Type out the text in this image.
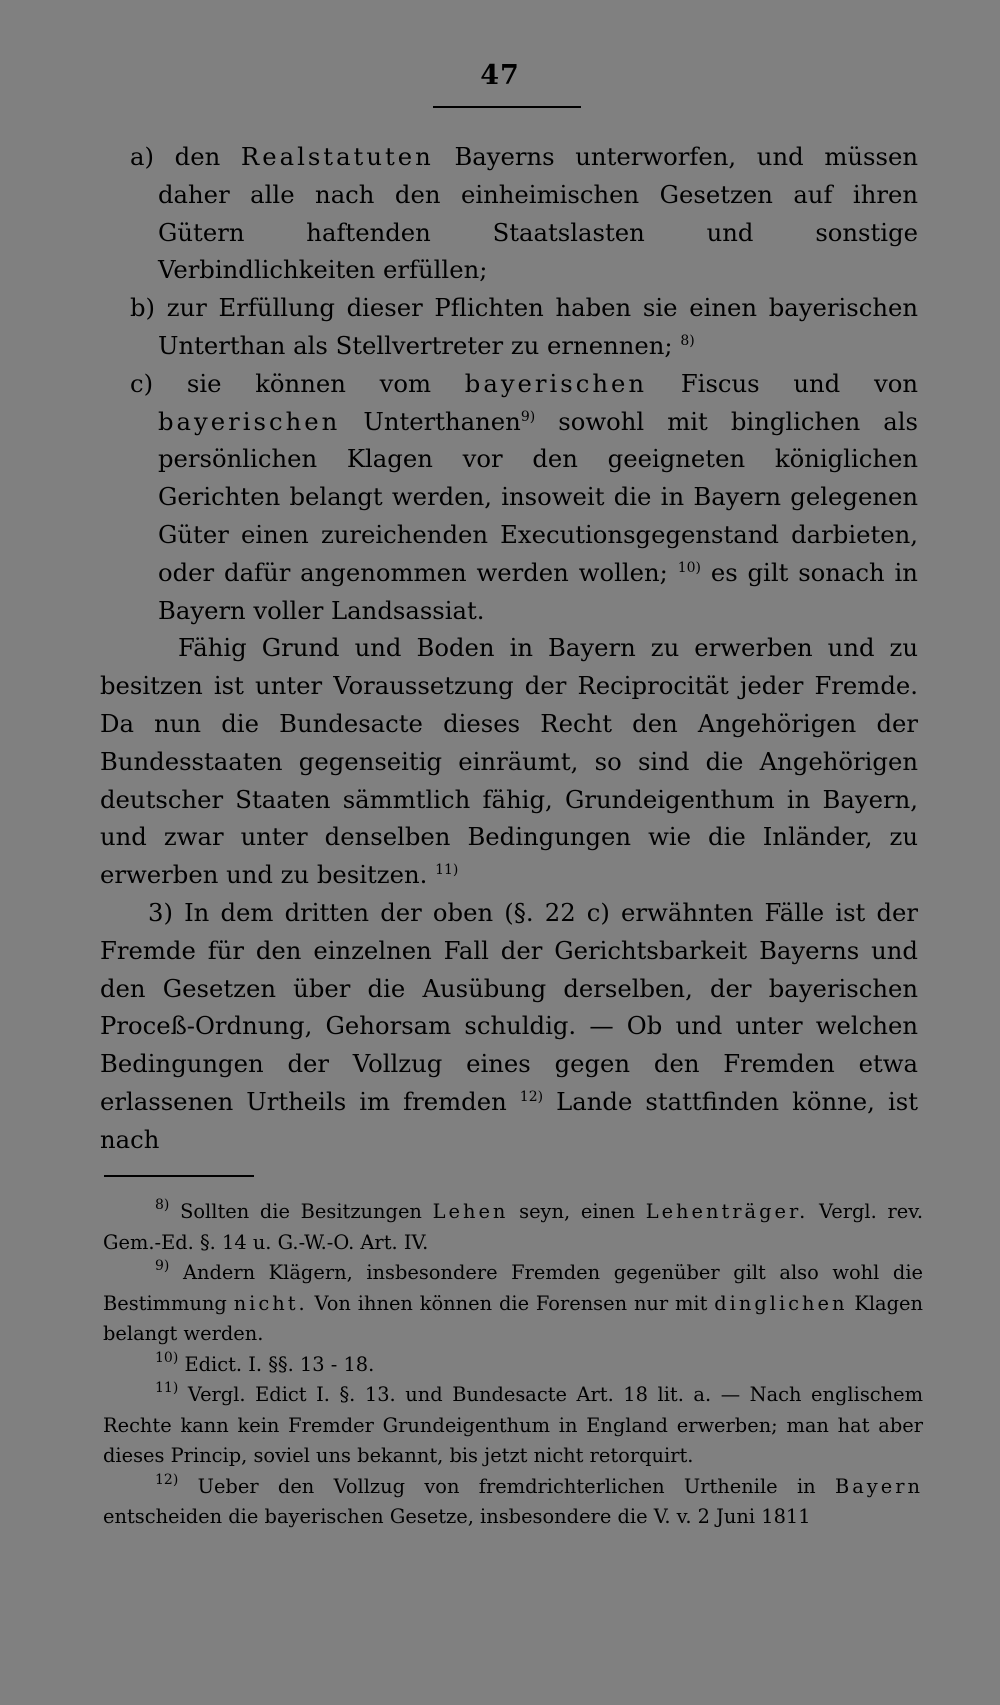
47

a) den Realstatuten Bayerns unterworfen, und müssen daher alle nach den einheimischen Gesetzen auf ihren Gütern haftenden Staatslasten und sonstige Verbindlichkeiten erfüllen;

b) zur Erfüllung dieser Pflichten haben sie einen bayerischen Unterthan als Stellvertreter zu ernennen; $^{8)}$

c) sie können vom bayerischen Fiscus und von bayerischen Unterthanen$^{9)}$ sowohl mit binglichen als persönlichen Klagen vor den geeigneten königlichen Gerichten belangt werden, insoweit die in Bayern gelegenen Güter einen zureichenden Executionsgegenstand darbieten, oder dafür angenommen werden wollen; $^{10)}$ es gilt sonach in Bayern voller Landsassiat.

Fähig Grund und Boden in Bayern zu erwerben und zu besitzen ist unter Voraussetzung der Reciprocität jeder Fremde. Da nun die Bundesacte dieses Recht den Angehörigen der Bundesstaaten gegenseitig einräumt, so sind die Angehörigen deutscher Staaten sämmtlich fähig, Grundeigenthum in Bayern, und zwar unter denselben Bedingungen wie die Inländer, zu erwerben und zu besitzen. $^{11)}$

3) In dem dritten der oben (§. 22 c) erwähnten Fälle ist der Fremde für den einzelnen Fall der Gerichtsbarkeit Bayerns und den Gesetzen über die Ausübung derselben, der bayerischen Proceß-Ordnung, Gehorsam schuldig. — Ob und unter welchen Bedingungen der Vollzug eines gegen den Fremden etwa erlassenen Urtheils im fremden $^{12)}$ Lande stattfinden könne, ist nach

$^{8)}$ Sollten die Besitzungen Lehen seyn, einen Lehenträger. Vergl. rev. Gem.-Ed. §. 14 u. G.-W.-O. Art. IV.

$^{9)}$ Andern Klägern, insbesondere Fremden gegenüber gilt also wohl die Bestimmung nicht. Von ihnen können die Forensen nur mit dinglichen Klagen belangt werden.

$^{10)}$ Edict. I. §§. 13 - 18.

$^{11)}$ Vergl. Edict I. §. 13. und Bundesacte Art. 18 lit. a. — Nach englischem Rechte kann kein Fremder Grundeigenthum in England erwerben; man hat aber dieses Princip, soviel uns bekannt, bis jetzt nicht retorquirt.

$^{12)}$ Ueber den Vollzug von fremdrichterlichen Urthenile in Bayern entscheiden die bayerischen Gesetze, insbesondere die V. v. 2 Juni 1811
